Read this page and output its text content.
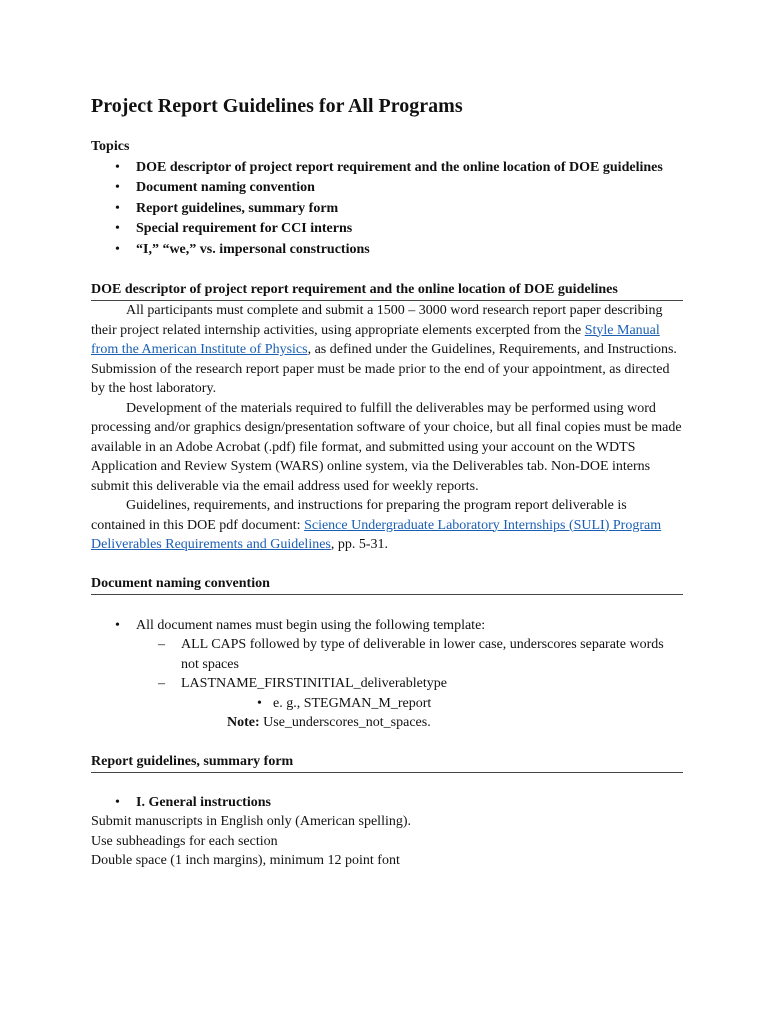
Project Report Guidelines for All Programs
Topics
• DOE descriptor of project report requirement and the online location of DOE guidelines
• Document naming convention
• Report guidelines, summary form
• Special requirement for CCI interns
• “I,” “we,” vs. impersonal constructions
DOE descriptor of project report requirement and the online location of DOE guidelines

All participants must complete and submit a 1500 – 3000 word research report paper describing their project related internship activities, using appropriate elements excerpted from the Style Manual from the American Institute of Physics, as defined under the Guidelines, Requirements, and Instructions. Submission of the research report paper must be made prior to the end of your appointment, as directed by the host laboratory.

Development of the materials required to fulfill the deliverables may be performed using word processing and/or graphics design/presentation software of your choice, but all final copies must be made available in an Adobe Acrobat (.pdf) file format, and submitted using your account on the WDTS Application and Review System (WARS) online system, via the Deliverables tab. Non-DOE interns submit this deliverable via the email address used for weekly reports.

Guidelines, requirements, and instructions for preparing the program report deliverable is contained in this DOE pdf document: Science Undergraduate Laboratory Internships (SULI) Program Deliverables Requirements and Guidelines, pp. 5-31.

Document naming convention
• All document names must begin using the following template:
– ALL CAPS followed by type of deliverable in lower case, underscores separate words not spaces
– LASTNAME_FIRSTINITIAL_deliverabletype
• e. g., STEGMAN_M_report
Note: Use_underscores_not_spaces.
Report guidelines, summary form
• I. General instructions
Submit manuscripts in English only (American spelling).
Use subheadings for each section
Double space (1 inch margins), minimum 12 point font
